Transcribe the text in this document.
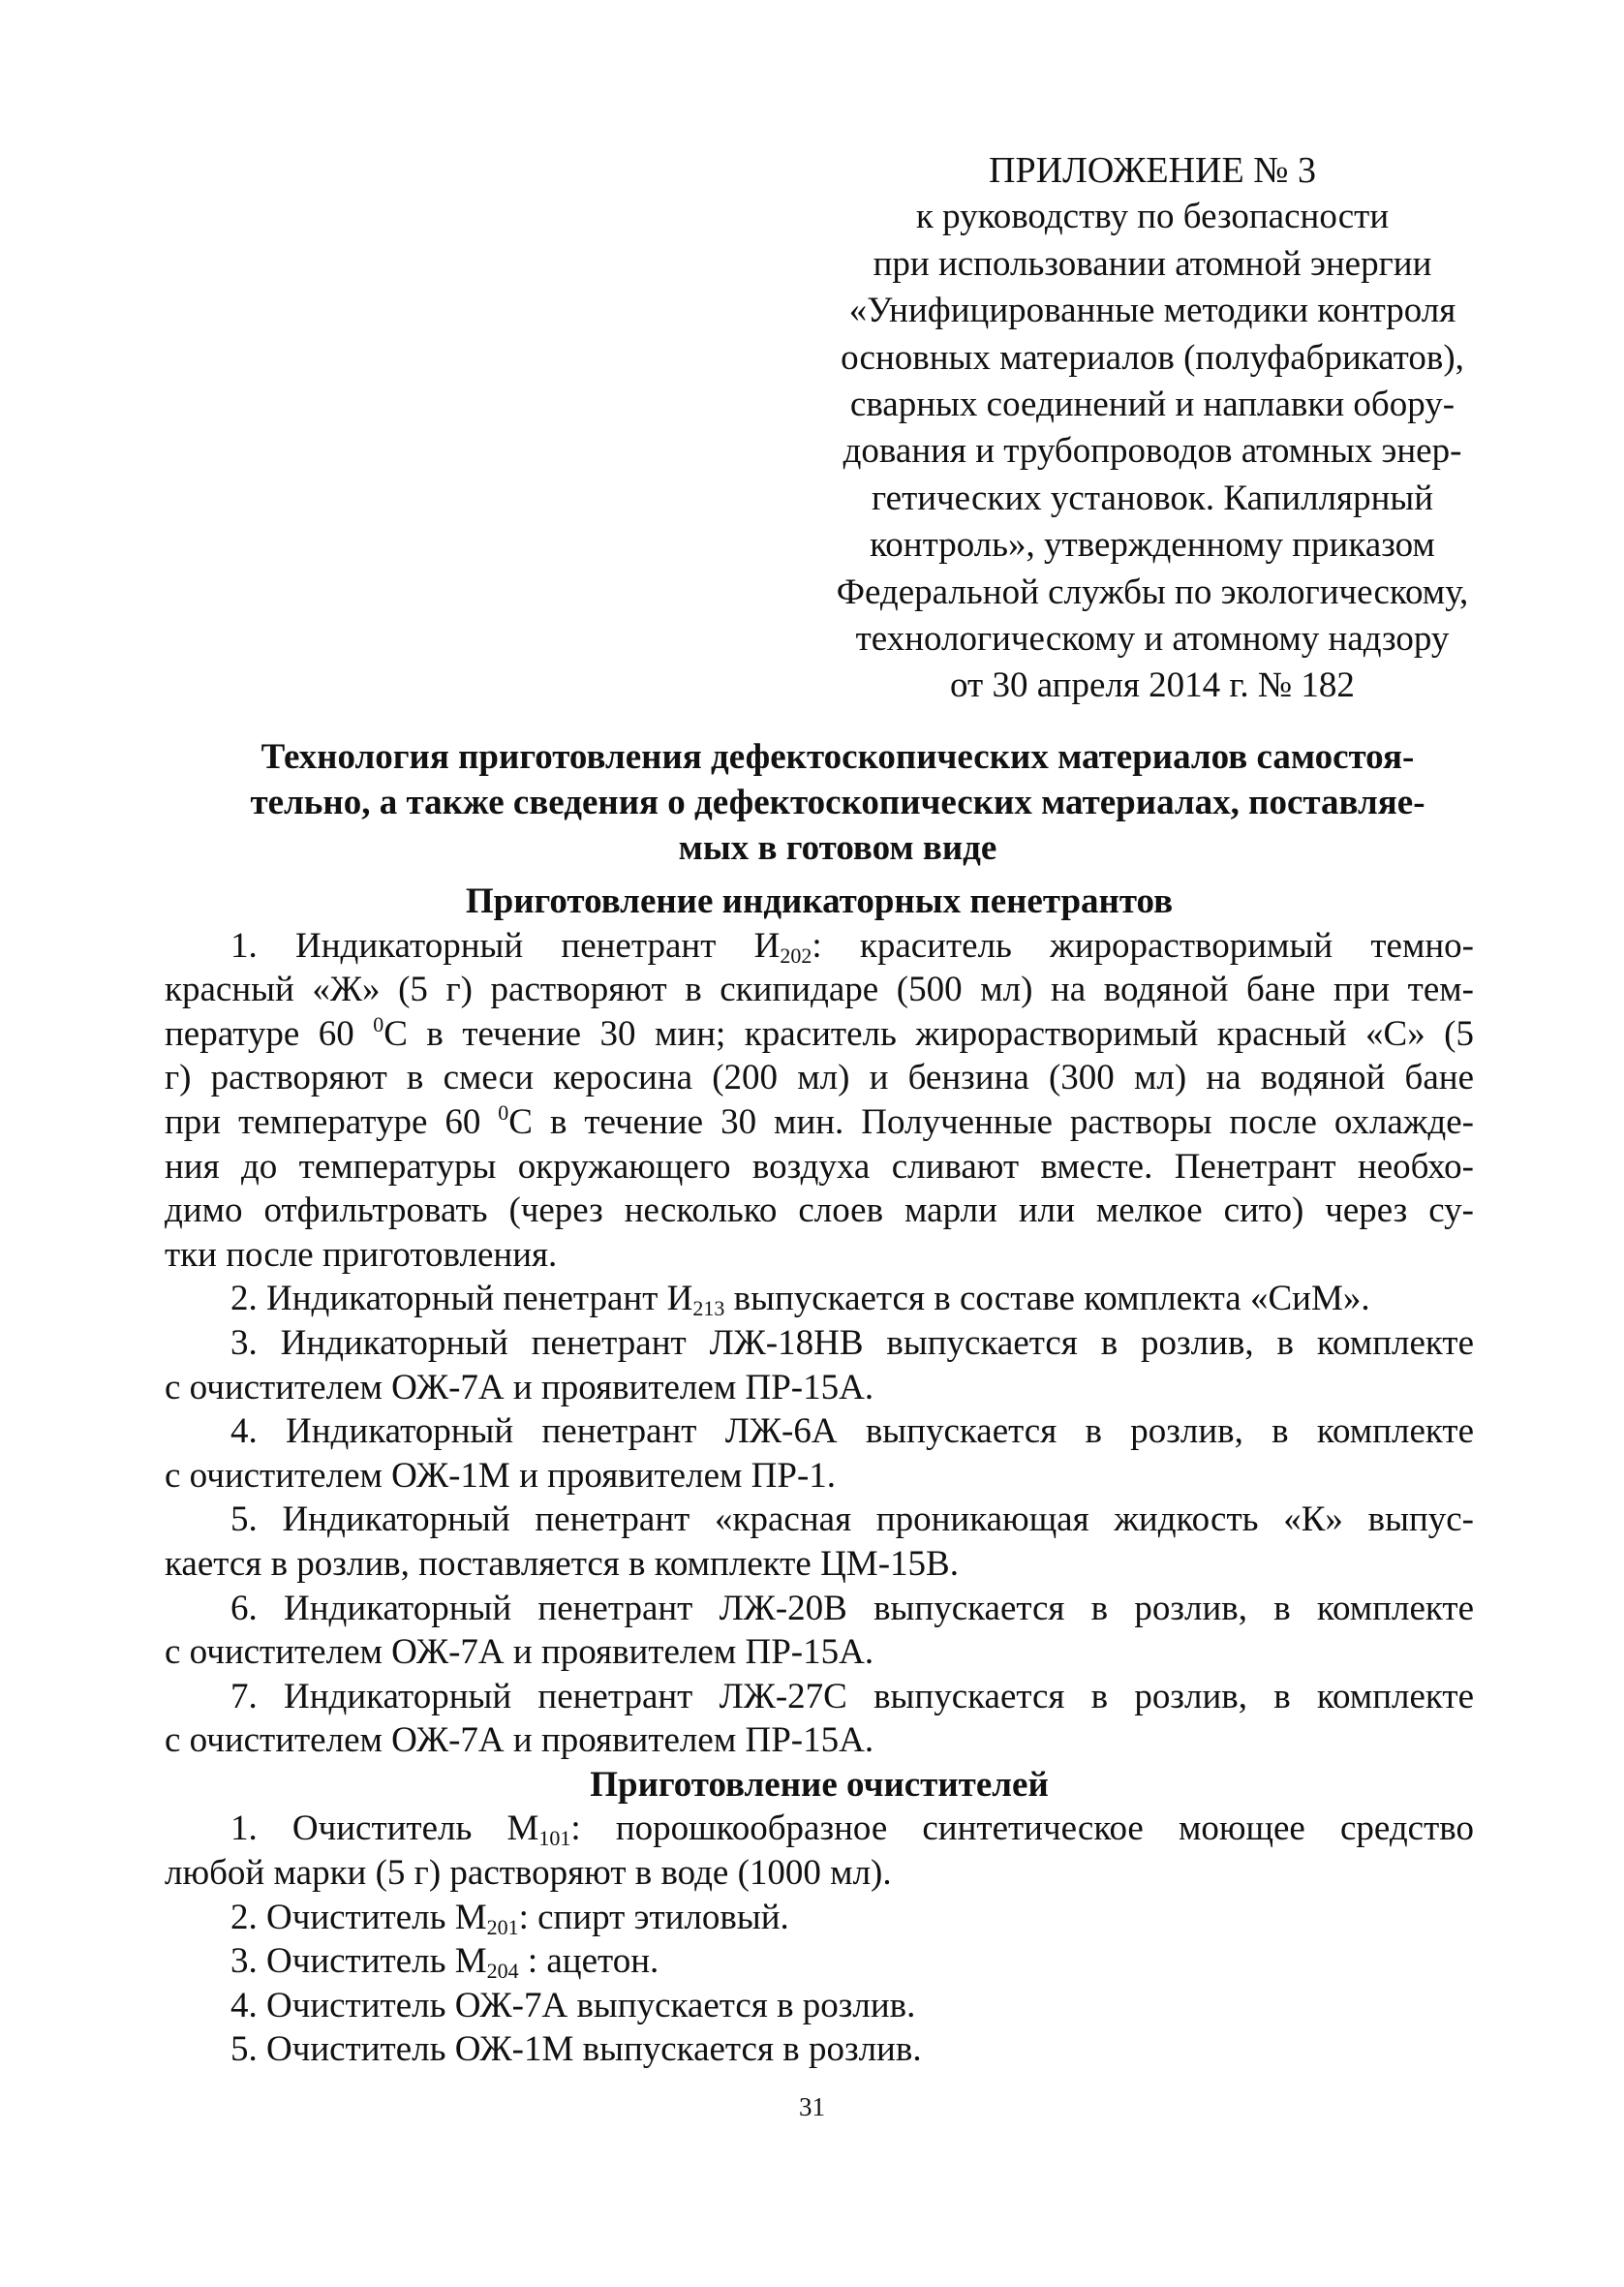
ПРИЛОЖЕНИЕ № 3
к руководству по безопасности
при использовании атомной энергии
«Унифицированные методики контроля
основных материалов (полуфабрикатов),
сварных соединений и наплавки обору-
дования и трубопроводов атомных энер-
гетических установок. Капиллярный
контроль», утвержденному приказом
Федеральной службы по экологическому,
технологическому и атомному надзору
от 30 апреля 2014 г. № 182
Технология приготовления дефектоскопических материалов самостоя-
тельно, а также сведения о дефектоскопических материалах, поставляе-
мых в готовом виде
Приготовление индикаторных пенетрантов
1. Индикаторный пенетрант $И_{202}$: краситель жирорастворимый темно-
красный «Ж» (5 г) растворяют в скипидаре (500 мл) на водяной бане при тем-
пературе 60 $^0$С в течение 30 мин; краситель жирорастворимый красный «С» (5
г) растворяют в смеси керосина (200 мл) и бензина (300 мл) на водяной бане
при температуре 60 $^0$С в течение 30 мин. Полученные растворы после охлажде-
ния до температуры окружающего воздуха сливают вместе. Пенетрант необхо-
димо отфильтровать (через несколько слоев марли или мелкое сито) через су-
тки после приготовления.
2. Индикаторный пенетрант $И_{213}$ выпускается в составе комплекта «СиМ».
3. Индикаторный пенетрант ЛЖ-18НВ выпускается в розлив, в комплекте
с очистителем ОЖ-7А и проявителем ПР-15А.
4. Индикаторный пенетрант ЛЖ-6А выпускается в розлив, в комплекте
с очистителем ОЖ-1М и проявителем ПР-1.
5. Индикаторный пенетрант «красная проникающая жидкость «К» выпус-
кается в розлив, поставляется в комплекте ЦМ-15В.
6. Индикаторный пенетрант ЛЖ-20В выпускается в розлив, в комплекте
с очистителем ОЖ-7А и проявителем ПР-15А.
7. Индикаторный пенетрант ЛЖ-27С выпускается в розлив, в комплекте
с очистителем ОЖ-7А и проявителем ПР-15А.
Приготовление очистителей
1. Очиститель $М_{101}$: порошкообразное синтетическое моющее средство
любой марки (5 г) растворяют в воде (1000 мл).
2. Очиститель $М_{201}$: спирт этиловый.
3. Очиститель $М_{204}$ : ацетон.
4. Очиститель ОЖ-7А выпускается в розлив.
5. Очиститель ОЖ-1М выпускается в розлив.
31
